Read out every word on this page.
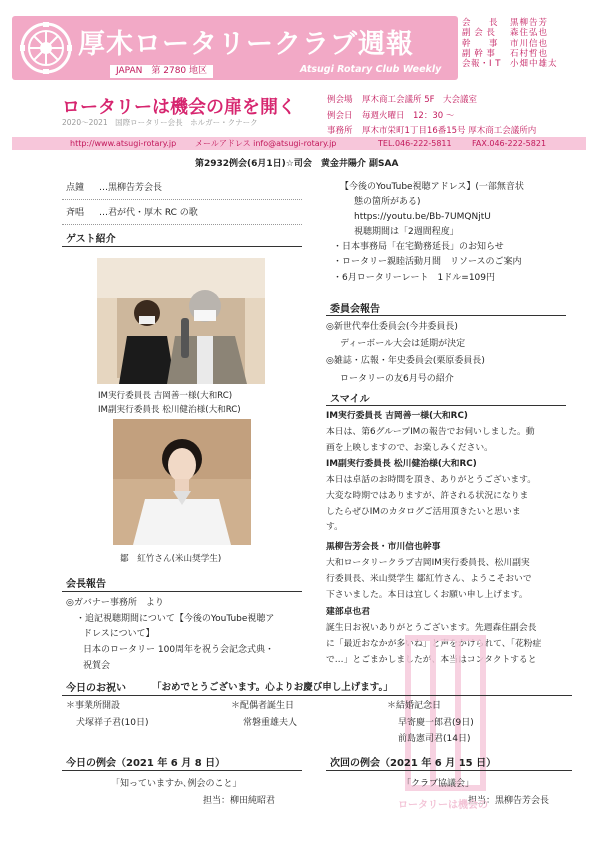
厚木ロータリークラブ週報
JAPAN　第 2780 地区	Atsugi Rotary Club Weekly
会　　長	黒柳告芳
副 会 長	森住弘也
幹　　事	市川信也
副 幹 事	石村哲也
会報・I T	小畑中雄太
ロータリーは機会の扉を開く
2020～2021　国際ロータリー会長　ホルガー・クナーク
例会場	厚木商工会議所 5F　大会議室
例会日	毎週火曜日　12：30 ～
事務所	厚木市栄町1丁目16番15号 厚木商工会議所内
http://www.atsugi-rotary.jp メールアドレス info@atsugi-rotary.jp	TEL.046-222-5811	FAX.046-222-5821
第2932例会(6月1日)☆司会　黄金井陽介 副SAA
点鐘 …黒柳告芳会長
斉唱 …君が代・厚木 RC の歌
ゲスト紹介
IM実行委員長 吉岡善一様(大和RC)
IM副実行委員長 松川健治様(大和RC)
鄒　紅竹さん(米山奨学生)
会長報告
◎ガバナー事務所　より
・追記視聴期間について【今後のYouTube視聴ア
ドレスについて】
日本のロータリー 100周年を祝う会記念式典・
祝賀会
【今後のYouTube視聴アドレス】(一部無音状
態の箇所がある)
https://youtu.be/Bb-7UMQNjtU
視聴期間は「2週間程度」
・日本事務局「在宅勤務延長」のお知らせ
・ロータリー親睦活動月間　リソースのご案内
・6月ロータリーレート　1ドル=109円
委員会報告
◎新世代奉仕委員会(今井委員長)
ディーボール大会は延期が決定
◎雑誌・広報・年史委員会(栗原委員長)
ロータリーの友6月号の紹介
スマイル
IM実行委員長 吉岡善一様(大和RC)
本日は、第6グループIMの報告でお伺いしました。動
画を上映しますので、お楽しみください。
IM副実行委員長 松川健治様(大和RC)
本日は卓話のお時間を頂き、ありがとうございます。
大変な時期ではありますが、許される状況になりま
したらぜひIMのカタログご活用頂きたいと思いま
す。
黒柳告芳会長・市川信也幹事
大和ロータリークラブ吉岡IM実行委員長、松川副実
行委員長、米山奨学生 鄒紅竹さん、ようこそおいで
下さいました。本日は宜しくお願い申し上げます。
建部卓也君
誕生日お祝いありがとうございます。先週森住副会長
に「最近おなかが多いね」と声をかけられて、「花粉症
で…」とごまかしましたが、本当はコンタクトすると
今日のお祝い	「おめでとうございます。心よりお慶び申し上げます。」
＊事業所開設
犬塚祥子君(10日)
＊配偶者誕生日
常磐重雄夫人
＊結婚記念日
早寄慶一郎君(9日)
前島憲司君(14日)
今日の例会（2021 年 6 月 8 日）
「知っていますか､例会のこと」
担当：柳田純昭君
次回の例会（2021 年 6 月 15 日）
「クラブ協議会」
担当：黒柳告芳会長
ロータリーは機会の
